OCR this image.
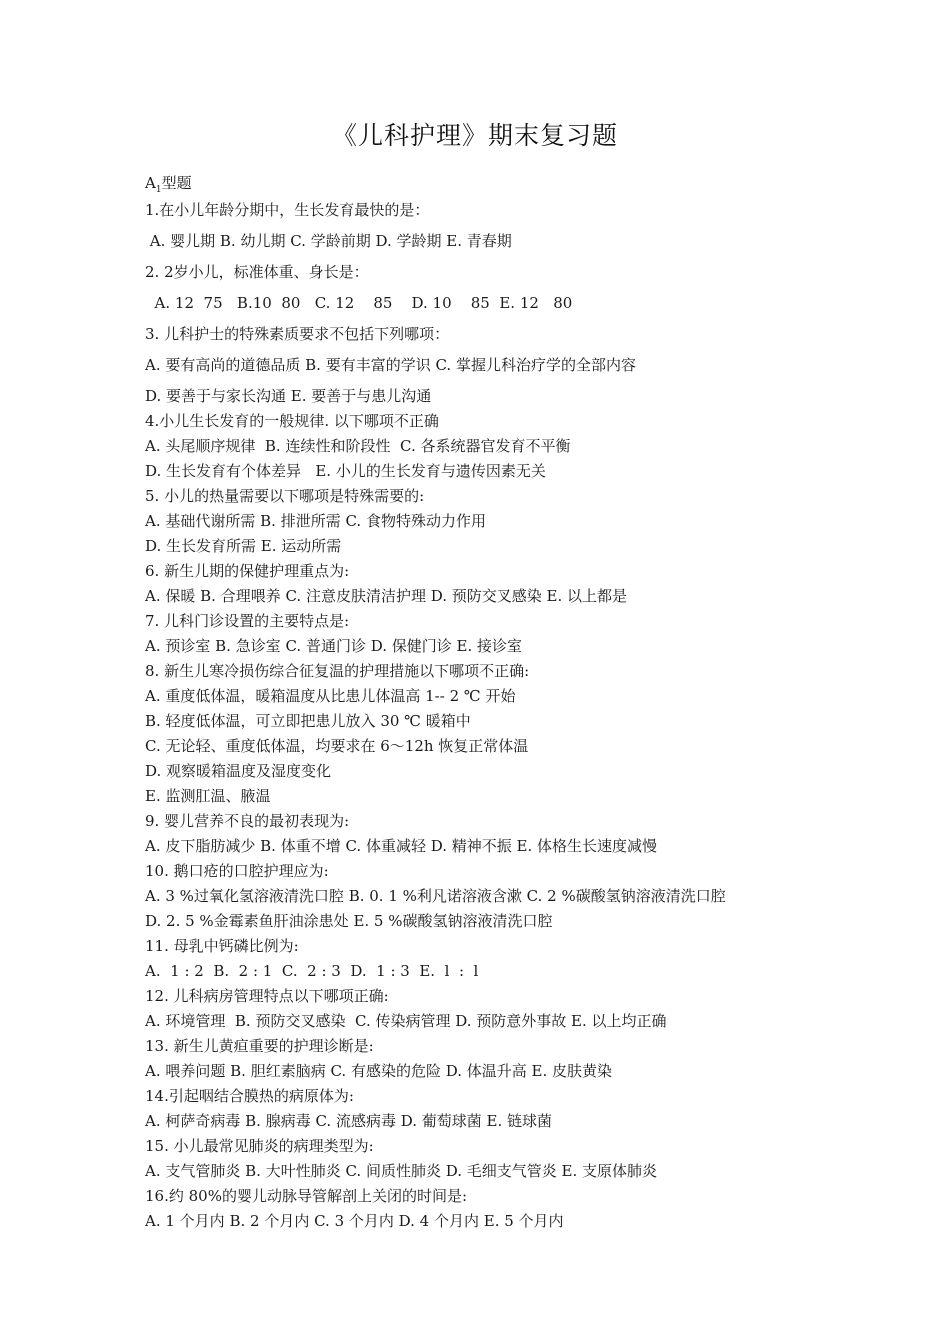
《儿科护理》期末复习题
$A_1$型题
1.在小儿年龄分期中，生长发育最快的是：
A. 婴儿期 B. 幼儿期 C. 学龄前期 D. 学龄期 E. 青春期
2. 2岁小儿，标准体重、身长是：
A. 12  75   B.10  80   C. 12    85    D. 10    85  E. 12   80
3. 儿科护士的特殊素质要求不包括下列哪项：
A. 要有高尚的道德品质 B. 要有丰富的学识 C. 掌握儿科治疗学的全部内容
D. 要善于与家长沟通 E. 要善于与患儿沟通
4.小儿生长发育的一般规律. 以下哪项不正确
A. 头尾顺序规律  B. 连续性和阶段性  C. 各系统器官发育不平衡
D. 生长发育有个体差异   E. 小儿的生长发育与遗传因素无关
5. 小儿的热量需要以下哪项是特殊需要的:
A. 基础代谢所需 B. 排泄所需 C. 食物特殊动力作用
D. 生长发育所需 E. 运动所需
6. 新生儿期的保健护理重点为:
A. 保暖 B. 合理喂养 C. 注意皮肤清洁护理 D. 预防交叉感染 E. 以上都是
7. 儿科门诊设置的主要特点是:
A. 预诊室 B. 急诊室 C. 普通门诊 D. 保健门诊 E. 接诊室
8. 新生儿寒冷损伤综合征复温的护理措施以下哪项不正确:
A. 重度低体温，暖箱温度从比患儿体温高 1-- 2 ℃ 开始
B. 轻度低体温，可立即把患儿放入 30 ℃ 暖箱中
C. 无论轻、重度低体温，均要求在 6～12h 恢复正常体温
D. 观察暖箱温度及湿度变化
E. 监测肛温、腋温
9. 婴儿营养不良的最初表现为:
A. 皮下脂肪减少 B. 体重不增 C. 体重减轻 D. 精神不振 E. 体格生长速度减慢
10. 鹅口疮的口腔护理应为:
A. 3 %过氧化氢溶液清洗口腔 B. 0. 1 %利凡诺溶液含漱 C. 2 %碳酸氢钠溶液清洗口腔
D. 2. 5 %金霉素鱼肝油涂患处 E. 5 %碳酸氢钠溶液清洗口腔
11. 母乳中钙磷比例为:
A.  1 : 2  B.  2 : 1  C.  2 : 3  D.  1 : 3  E.  l  :  l
12. 儿科病房管理特点以下哪项正确:
A. 环境管理  B. 预防交叉感染  C. 传染病管理 D. 预防意外事故 E. 以上均正确
13. 新生儿黄疸重要的护理诊断是:
A. 喂养问题 B. 胆红素脑病 C. 有感染的危险 D. 体温升高 E. 皮肤黄染
14.引起咽结合膜热的病原体为:
A. 柯萨奇病毒 B. 腺病毒 C. 流感病毒 D. 葡萄球菌 E. 链球菌
15. 小儿最常见肺炎的病理类型为:
A. 支气管肺炎 B. 大叶性肺炎 C. 间质性肺炎 D. 毛细支气管炎 E. 支原体肺炎
16.约 80%的婴儿动脉导管解剖上关闭的时间是:
A. 1 个月内 B. 2 个月内 C. 3 个月内 D. 4 个月内 E. 5 个月内
